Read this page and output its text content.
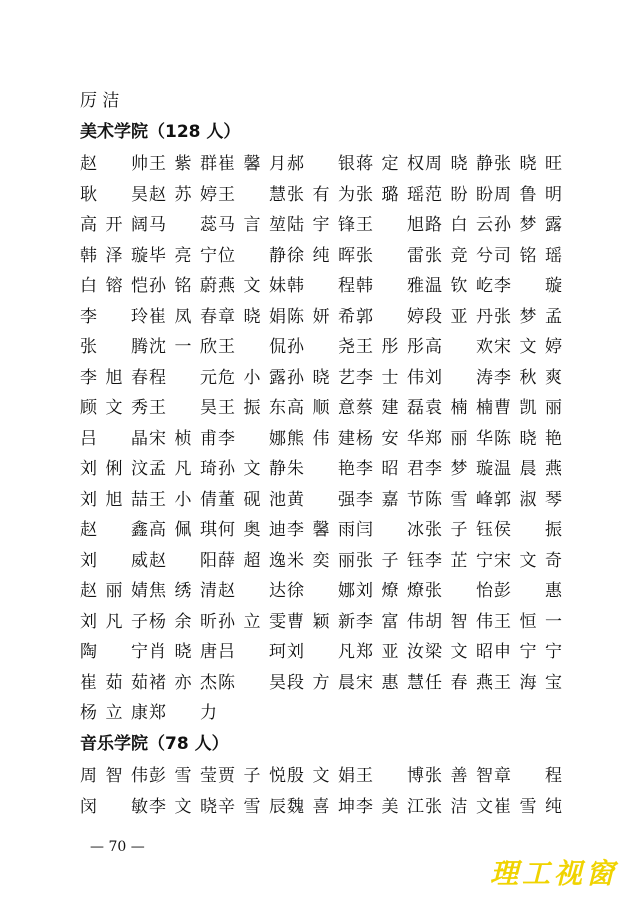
厉 洁
美术学院（128 人）
赵 帅 王紫群 崔馨月 郝 银 蒋定权 周晓静 张晓旺
耿 昊 赵苏婷 王 慧 张有为 张璐瑶 范盼盼 周鲁明
高开阔 马 蕊 马言堃 陆宇锋 王 旭 路白云 孙梦露
韩泽璇 毕亮宁 位 静 徐纯晖 张 雷 张竞兮 司铭瑶
白镕恺 孙铭蔚 燕文妹 韩 程 韩 雅 温钦屹 李 璇
李 玲 崔凤春 章晓娟 陈妍希 郭 婷 段亚丹 张梦孟
张 腾 沈一欣 王 侃 孙 尧 王彤彤 高 欢 宋文婷
李旭春 程 元 危小露 孙晓艺 李士伟 刘 涛 李秋爽
顾文秀 王 昊 王振东 高顺意 蔡建磊 袁楠楠 曹凯丽
吕 晶 宋桢甫 李 娜 熊伟建 杨安华 郑丽华 陈晓艳
刘俐汶 孟凡琦 孙文静 朱 艳 李昭君 李梦璇 温晨燕
刘旭喆 王小倩 董砚池 黄 强 李嘉节 陈雪峰 郭淑琴
赵 鑫 高佩琪 何奥迪 李馨雨 闫 冰 张子钰 侯 振
刘 威 赵 阳 薛超逸 米奕丽 张子钰 李芷宁 宋文奇
赵丽婧 焦绣清 赵 达 徐 娜 刘燎燎 张 怡 彭 惠
刘凡子 杨余昕 孙立雯 曹颖新 李富伟 胡智伟 王恒一
陶 宁 肖晓唐 吕 珂 刘 凡 郑亚汝 梁文昭 申宁宁
崔茹茹 褚亦杰 陈 昊 段方晨 宋惠慧 任春燕 王海宝
杨立康 郑 力
音乐学院（78 人）
周智伟 彭雪莹 贾子悦 殷文娟 王 博 张善智 章 程
闵 敏 李文晓 辛雪辰 魏喜坤 李美江 张洁文 崔雪纯
— 70 —
理工视窗
